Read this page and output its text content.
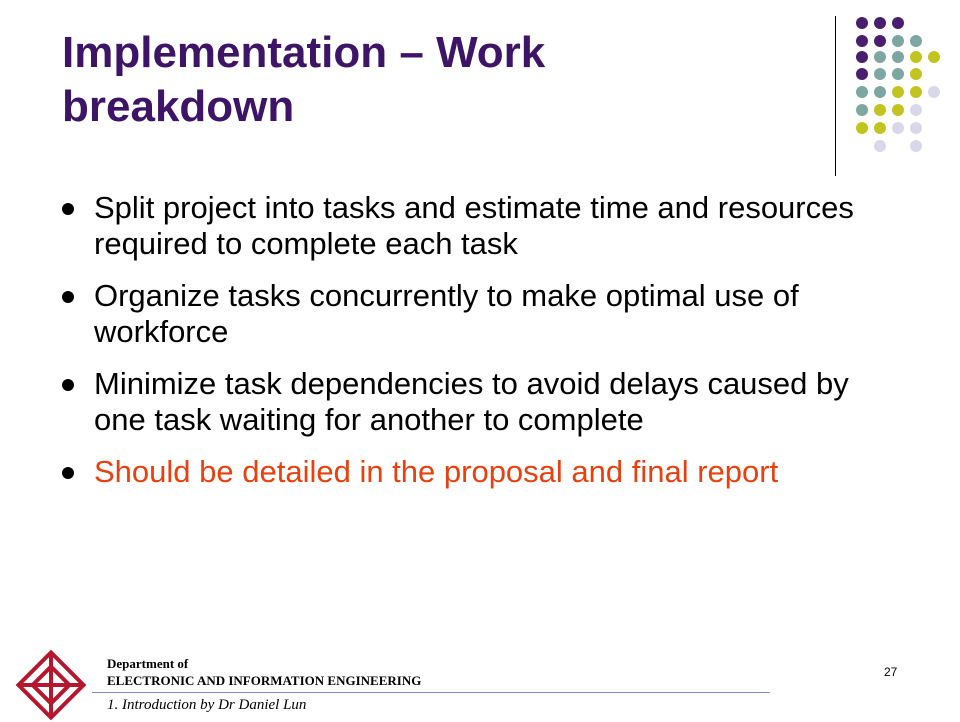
Implementation – Work breakdown
Split project into tasks and estimate time and resources required to complete each task
Organize tasks concurrently to make optimal use of workforce
Minimize task dependencies to avoid delays caused by one task waiting for another to complete
Should be detailed in the proposal and final report
Department of
ELECTRONIC AND INFORMATION ENGINEERING
1. Introduction by Dr Daniel Lun
27
